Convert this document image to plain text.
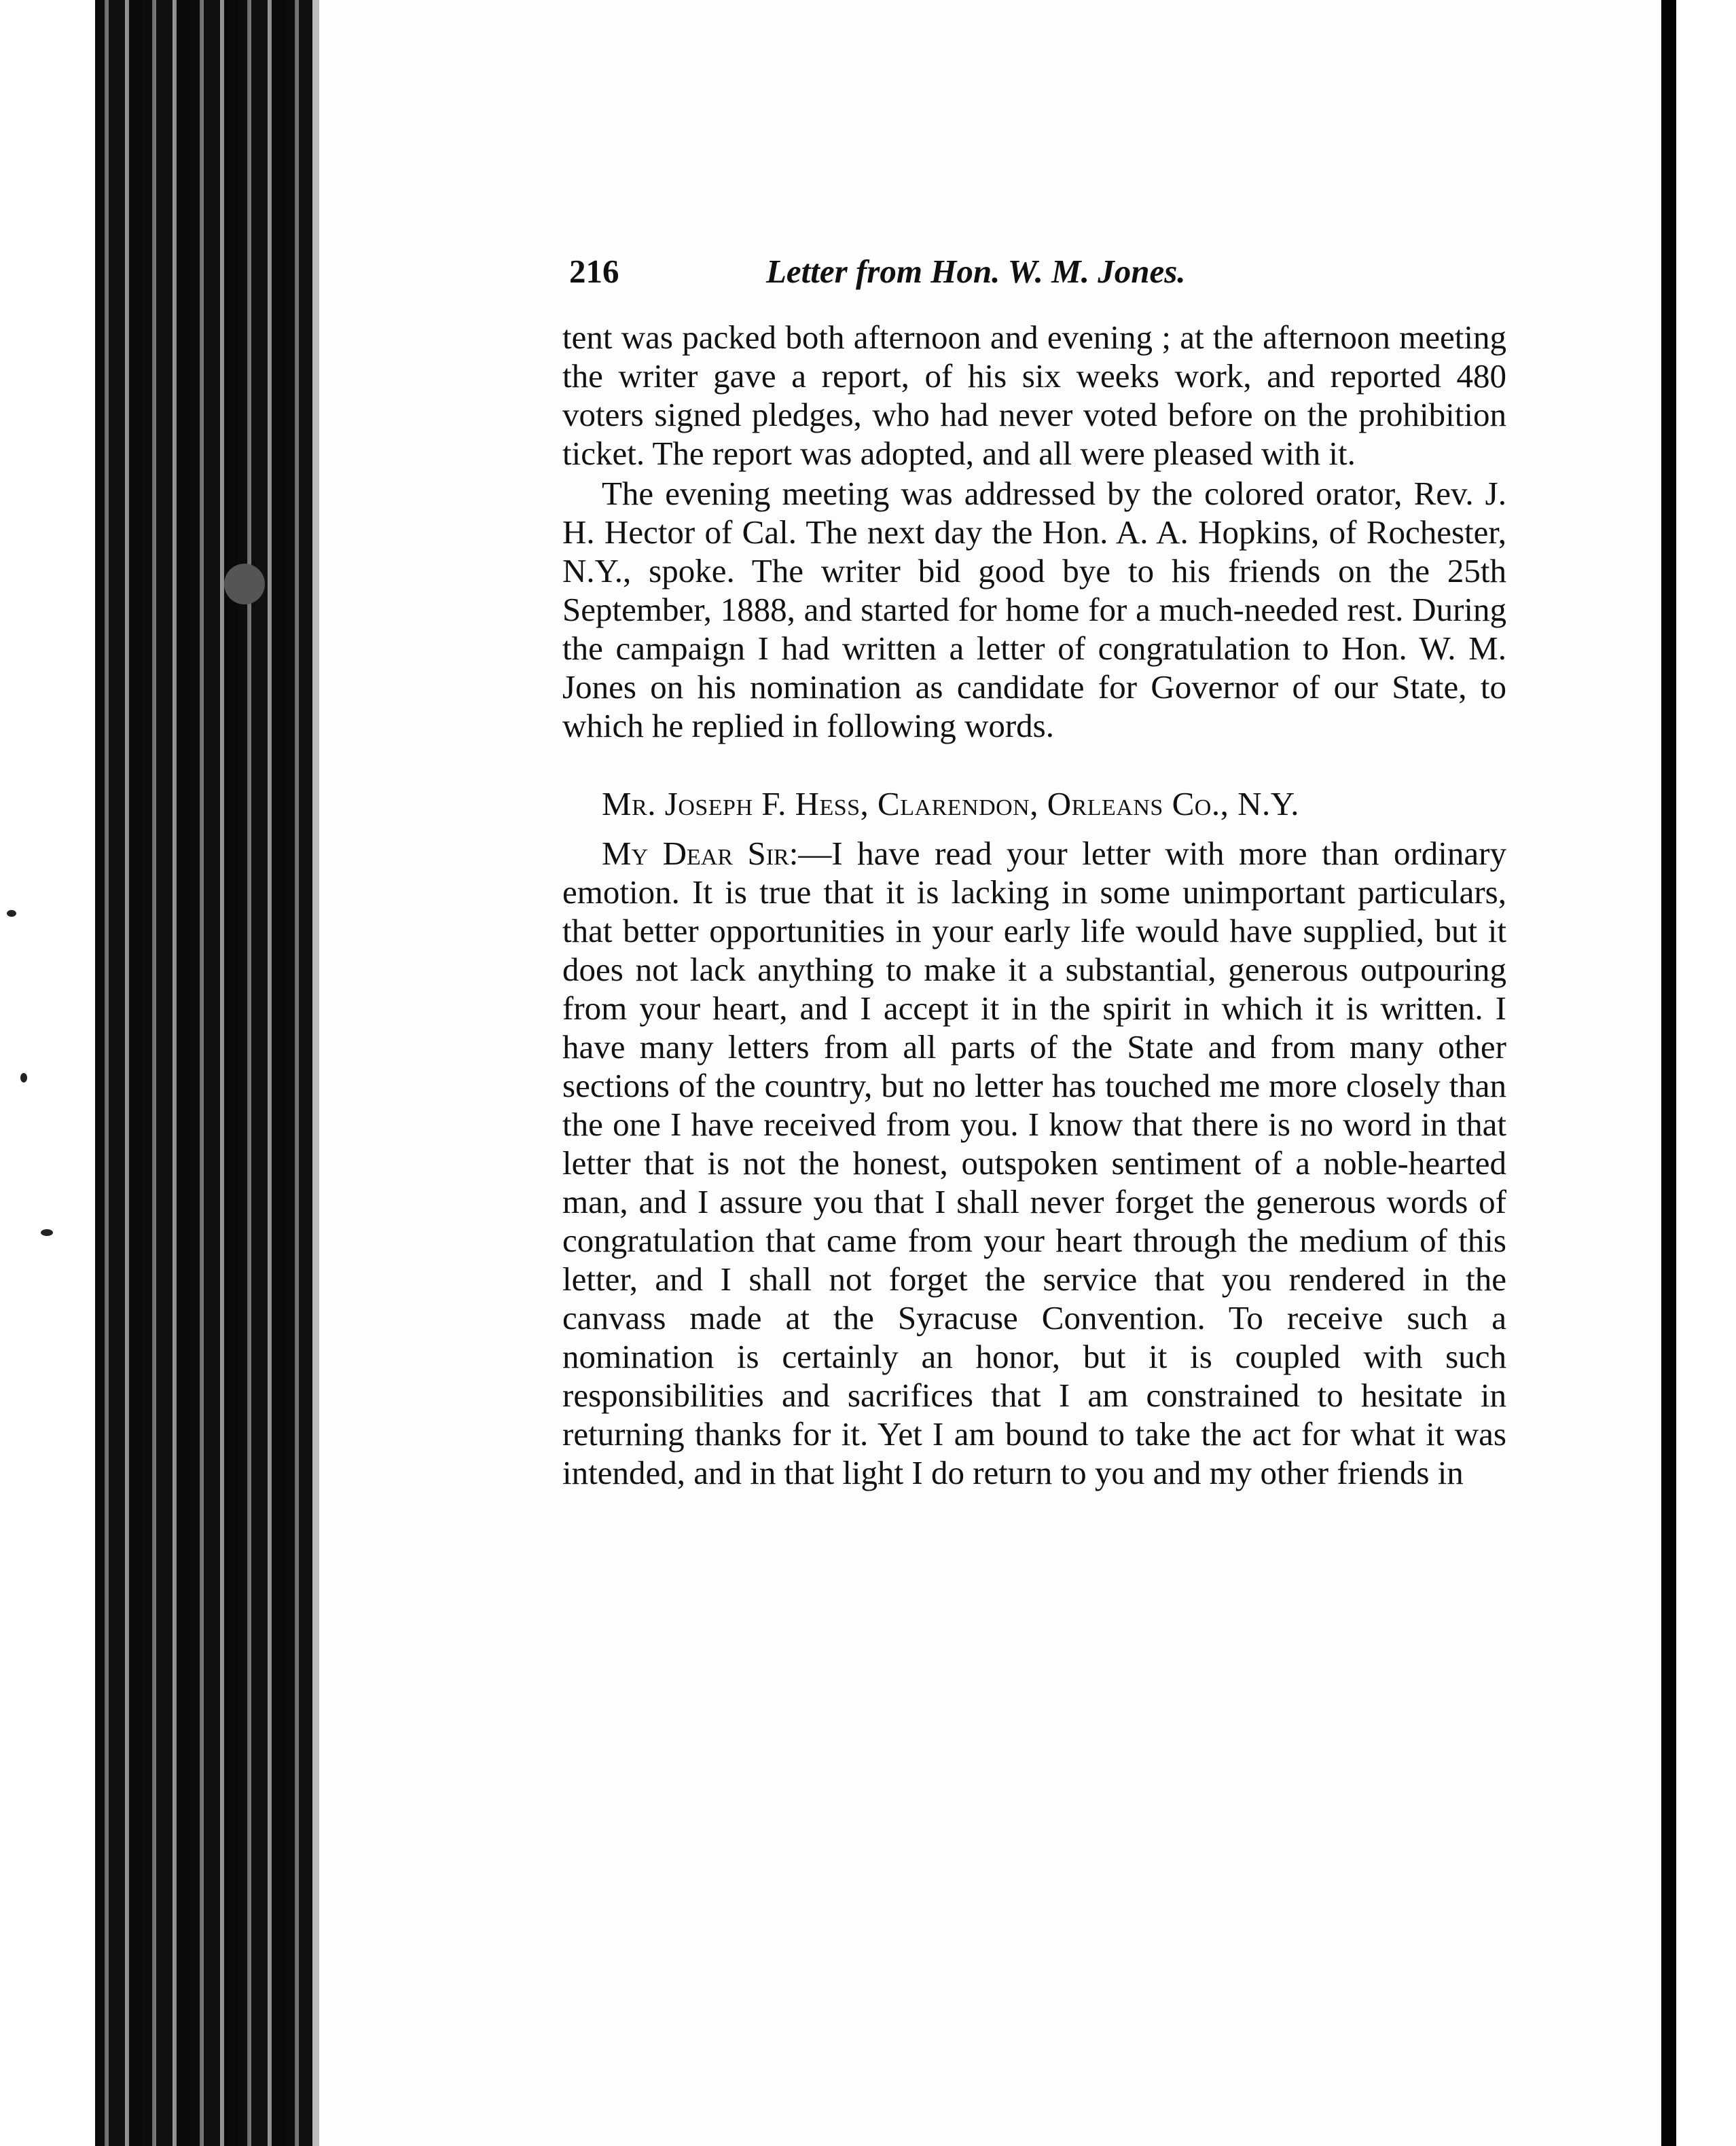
216	Letter from Hon. W. M. Jones.

tent was packed both afternoon and evening ; at the afternoon meeting the writer gave a report, of his six weeks work, and reported 480 voters signed pledges, who had never voted before on the prohibition ticket. The report was adopted, and all were pleased with it.

The evening meeting was addressed by the colored orator, Rev. J. H. Hector of Cal. The next day the Hon. A. A. Hopkins, of Rochester, N.Y., spoke. The writer bid good bye to his friends on the 25th September, 1888, and started for home for a much-needed rest. During the campaign I had written a letter of congratulation to Hon. W. M. Jones on his nomination as candidate for Governor of our State, to which he replied in following words.

Mr. Joseph F. Hess, Clarendon, Orleans Co., N.Y.

My Dear Sir:—I have read your letter with more than ordinary emotion. It is true that it is lacking in some unimportant particulars, that better opportunities in your early life would have supplied, but it does not lack anything to make it a substantial, generous outpouring from your heart, and I accept it in the spirit in which it is written. I have many letters from all parts of the State and from many other sections of the country, but no letter has touched me more closely than the one I have received from you. I know that there is no word in that letter that is not the honest, outspoken sentiment of a noble-hearted man, and I assure you that I shall never forget the generous words of congratulation that came from your heart through the medium of this letter, and I shall not forget the service that you rendered in the canvass made at the Syracuse Convention. To receive such a nomination is certainly an honor, but it is coupled with such responsibilities and sacrifices that I am constrained to hesitate in returning thanks for it. Yet I am bound to take the act for what it was intended, and in that light I do return to you and my other friends in
